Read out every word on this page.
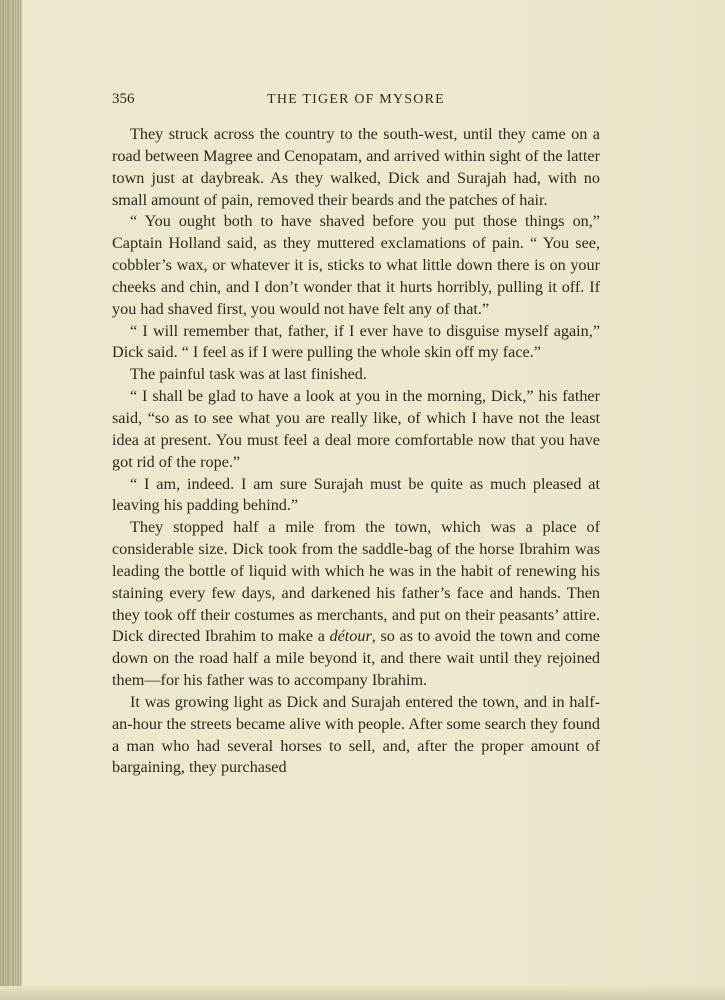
356	THE TIGER OF MYSORE

They struck across the country to the south-west, until they came on a road between Magree and Cenopatam, and arrived within sight of the latter town just at daybreak. As they walked, Dick and Surajah had, with no small amount of pain, removed their beards and the patches of hair.

“ You ought both to have shaved before you put those things on,” Captain Holland said, as they muttered exclamations of pain. “ You see, cobbler’s wax, or whatever it is, sticks to what little down there is on your cheeks and chin, and I don’t wonder that it hurts horribly, pulling it off. If you had shaved first, you would not have felt any of that.”

“ I will remember that, father, if I ever have to disguise myself again,” Dick said. “ I feel as if I were pulling the whole skin off my face.”

The painful task was at last finished.

“ I shall be glad to have a look at you in the morning, Dick,” his father said, “so as to see what you are really like, of which I have not the least idea at present. You must feel a deal more comfortable now that you have got rid of the rope.”

“ I am, indeed. I am sure Surajah must be quite as much pleased at leaving his padding behind.”

They stopped half a mile from the town, which was a place of considerable size. Dick took from the saddle-bag of the horse Ibrahim was leading the bottle of liquid with which he was in the habit of renewing his staining every few days, and darkened his father’s face and hands. Then they took off their costumes as merchants, and put on their peasants’ attire. Dick directed Ibrahim to make a détour, so as to avoid the town and come down on the road half a mile beyond it, and there wait until they rejoined them—for his father was to accompany Ibrahim.

It was growing light as Dick and Surajah entered the town, and in half-an-hour the streets became alive with people. After some search they found a man who had several horses to sell, and, after the proper amount of bargaining, they purchased
